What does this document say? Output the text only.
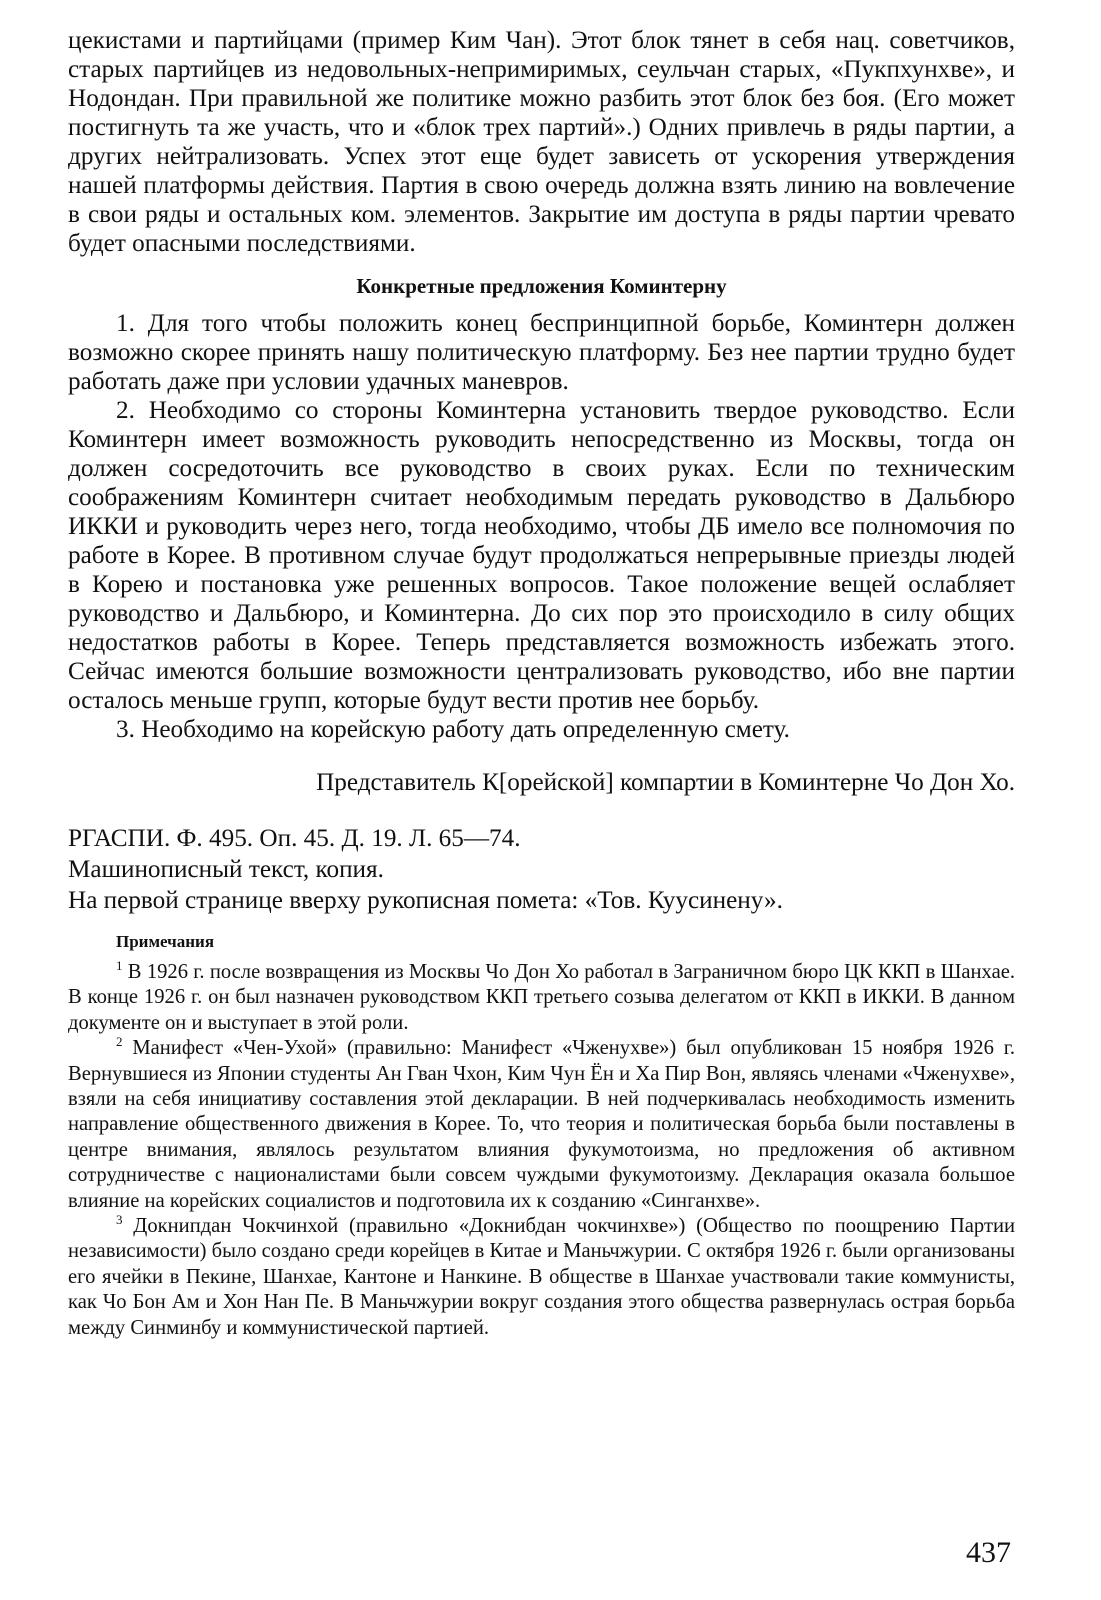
цекистами и партийцами (пример Ким Чан). Этот блок тянет в себя нац. советчиков, старых партийцев из недовольных-непримиримых, сеульчан старых, «Пукпхунхве», и Нодондан. При правильной же политике можно разбить этот блок без боя. (Его может постигнуть та же участь, что и «блок трех партий».) Одних привлечь в ряды партии, а других нейтрализовать. Успех этот еще будет зависеть от ускорения утверждения нашей платформы действия. Партия в свою очередь должна взять линию на вовлечение в свои ряды и остальных ком. элементов. Закрытие им доступа в ряды партии чревато будет опасными последствиями.

Конкретные предложения Коминтерну

1. Для того чтобы положить конец беспринципной борьбе, Коминтерн должен возможно скорее принять нашу политическую платформу. Без нее партии трудно будет работать даже при условии удачных маневров.

2. Необходимо со стороны Коминтерна установить твердое руководство. Если Коминтерн имеет возможность руководить непосредственно из Москвы, тогда он должен сосредоточить все руководство в своих руках. Если по техническим соображениям Коминтерн считает необходимым передать руководство в Дальбюро ИККИ и руководить через него, тогда необходимо, чтобы ДБ имело все полномочия по работе в Корее. В противном случае будут продолжаться непрерывные приезды людей в Корею и постановка уже решенных вопросов. Такое положение вещей ослабляет руководство и Дальбюро, и Коминтерна. До сих пор это происходило в силу общих недостатков работы в Корее. Теперь представляется возможность избежать этого. Сейчас имеются большие возможности централизовать руководство, ибо вне партии осталось меньше групп, которые будут вести против нее борьбу.

3. Необходимо на корейскую работу дать определенную смету.

Представитель К[орейской] компартии в Коминтерне Чо Дон Хо.

РГАСПИ. Ф. 495. Оп. 45. Д. 19. Л. 65—74.

Машинописный текст, копия.

На первой странице вверху рукописная помета: «Тов. Куусинену».

Примечания

$^1$ В 1926 г. после возвращения из Москвы Чо Дон Хо работал в Заграничном бюро ЦК ККП в Шанхае. В конце 1926 г. он был назначен руководством ККП третьего созыва делегатом от ККП в ИККИ. В данном документе он и выступает в этой роли.

$^2$ Манифест «Чен-Ухой» (правильно: Манифест «Чженухве») был опубликован 15 ноября 1926 г. Вернувшиеся из Японии студенты Ан Гван Чхон, Ким Чун Ён и Ха Пир Вон, являясь членами «Чженухве», взяли на себя инициативу составления этой декларации. В ней подчеркивалась необходимость изменить направление общественного движения в Корее. То, что теория и политическая борьба были поставлены в центре внимания, являлось результатом влияния фукумотоизма, но предложения об активном сотрудничестве с националистами были совсем чуждыми фукумотоизму. Декларация оказала большое влияние на корейских социалистов и подготовила их к созданию «Синганхве».

$^3$ Докнипдан Чокчинхой (правильно «Докнибдан чокчинхве») (Общество по поощрению Партии независимости) было создано среди корейцев в Китае и Маньчжурии. С октября 1926 г. были организованы его ячейки в Пекине, Шанхае, Кантоне и Нанкине. В обществе в Шанхае участвовали такие коммунисты, как Чо Бон Ам и Хон Нан Пе. В Маньчжурии вокруг создания этого общества развернулась острая борьба между Синминбу и коммунистической партией.

437
